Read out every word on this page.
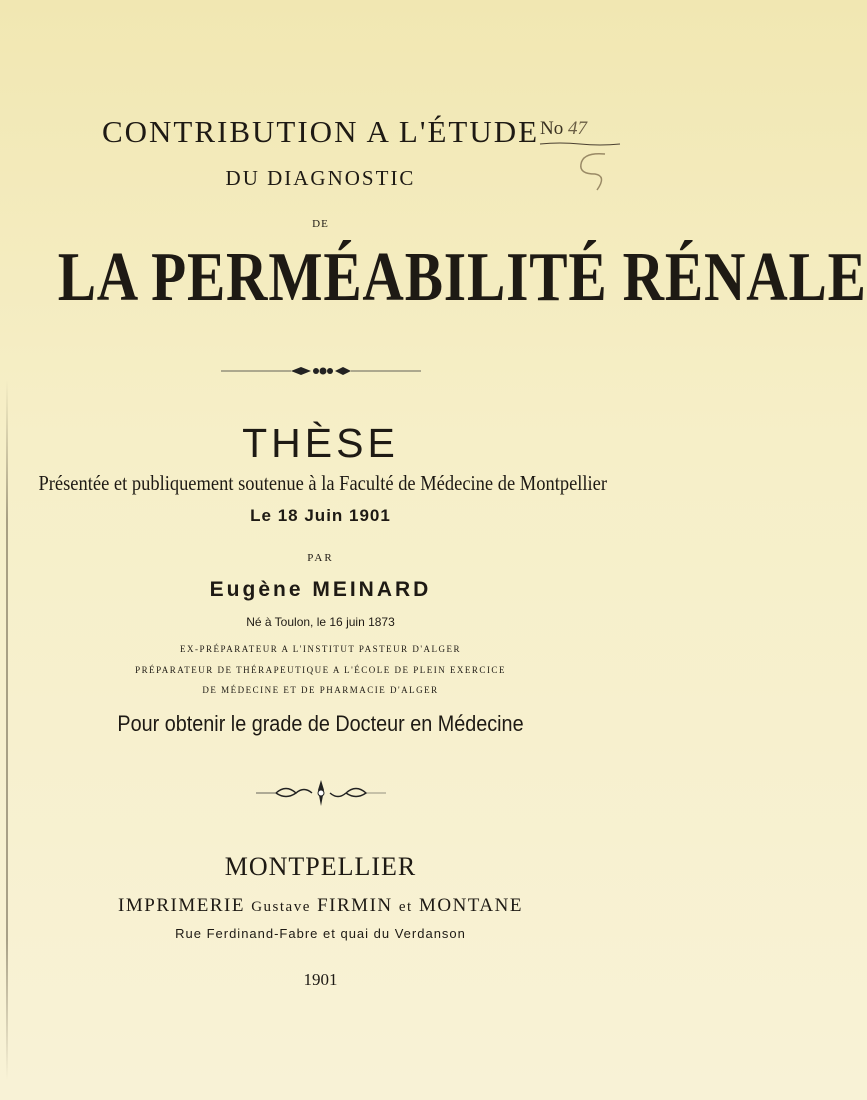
CONTRIBUTION A L'ÉTUDE
DU DIAGNOSTIC
DE
LA PERMÉABILITÉ RÉNALE
THÈSE
Présentée et publiquement soutenue à la Faculté de Médecine de Montpellier
Le 18 Juin 1901
PAR
Eugène MEINARD
Né à Toulon, le 16 juin 1873
EX-PRÉPARATEUR A L'INSTITUT PASTEUR D'ALGER
PRÉPARATEUR DE THÉRAPEUTIQUE A L'ÉCOLE DE PLEIN EXERCICE
DE MÉDECINE ET DE PHARMACIE D'ALGER
Pour obtenir le grade de Docteur en Médecine
MONTPELLIER
IMPRIMERIE Gustave FIRMIN et MONTANE
Rue Ferdinand-Fabre et quai du Verdanson
1901
No 47
